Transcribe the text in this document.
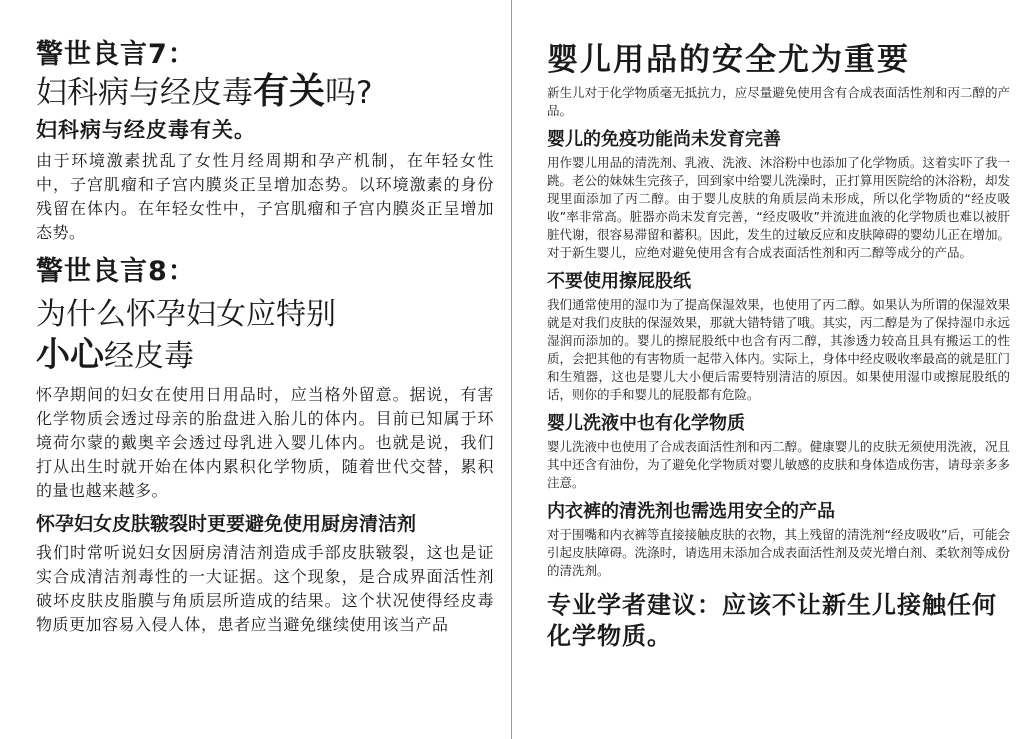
警世良言7：

妇科病与经皮毒有关吗?

妇科病与经皮毒有关。

由于环境激素扰乱了女性月经周期和孕产机制，在年轻女性中，子宫肌瘤和子宫内膜炎正呈增加态势。以环境激素的身份残留在体内。在年轻女性中，子宫肌瘤和子宫内膜炎正呈增加态势。

警世良言8：

为什么怀孕妇女应特别

小心经皮毒

怀孕期间的妇女在使用日用品时，应当格外留意。据说，有害化学物质会透过母亲的胎盘进入胎儿的体内。目前已知属于环境荷尔蒙的戴奥辛会透过母乳进入婴儿体内。也就是说，我们打从出生时就开始在体内累积化学物质，随着世代交替，累积的量也越来越多。

怀孕妇女皮肤皲裂时更要避免使用厨房清洁剂

我们时常听说妇女因厨房清洁剂造成手部皮肤皲裂，这也是证实合成清洁剂毒性的一大证据。这个现象，是合成界面活性剂破坏皮肤皮脂膜与角质层所造成的结果。这个状况使得经皮毒物质更加容易入侵人体，患者应当避免继续使用该当产品

婴儿用品的安全尤为重要

新生儿对于化学物质毫无抵抗力，应尽量避免使用含有合成表面活性剂和丙二醇的产品。

婴儿的免疫功能尚未发育完善

用作婴儿用品的清洗剂、乳液、洗液、沐浴粉中也添加了化学物质。这着实吓了我一跳。老公的妹妹生完孩子，回到家中给婴儿洗澡时，正打算用医院给的沐浴粉，却发现里面添加了丙二醇。由于婴儿皮肤的角质层尚未形成，所以化学物质的“经皮吸收”率非常高。脏器亦尚未发育完善，“经皮吸收”并流进血液的化学物质也难以被肝脏代谢，很容易滞留和蓄积。因此，发生的过敏反应和皮肤障碍的婴幼儿正在增加。对于新生婴儿，应绝对避免使用含有合成表面活性剂和丙二醇等成分的产品。

不要使用擦屁股纸

我们通常使用的湿巾为了提高保湿效果，也使用了丙二醇。如果认为所谓的保湿效果就是对我们皮肤的保湿效果，那就大错特错了哦。其实，丙二醇是为了保持湿巾永远湿润而添加的。婴儿的擦屁股纸中也含有丙二醇，其渗透力较高且具有搬运工的性质，会把其他的有害物质一起带入体内。实际上，身体中经皮吸收率最高的就是肛门和生殖器，这也是婴儿大小便后需要特别清洁的原因。如果使用湿巾或擦屁股纸的话，则你的手和婴儿的屁股都有危险。

婴儿洗液中也有化学物质

婴儿洗液中也使用了合成表面活性剂和丙二醇。健康婴儿的皮肤无须使用洗液，况且其中还含有油份，为了避免化学物质对婴儿敏感的皮肤和身体造成伤害，请母亲多多注意。

内衣裤的清洗剂也需选用安全的产品

对于围嘴和内衣裤等直接接触皮肤的衣物，其上残留的清洗剂“经皮吸收”后，可能会引起皮肤障碍。洗涤时，请选用未添加合成表面活性剂及荧光增白剂、柔软剂等成份的清洗剂。

专业学者建议：应该不让新生儿接触任何化学物质。
